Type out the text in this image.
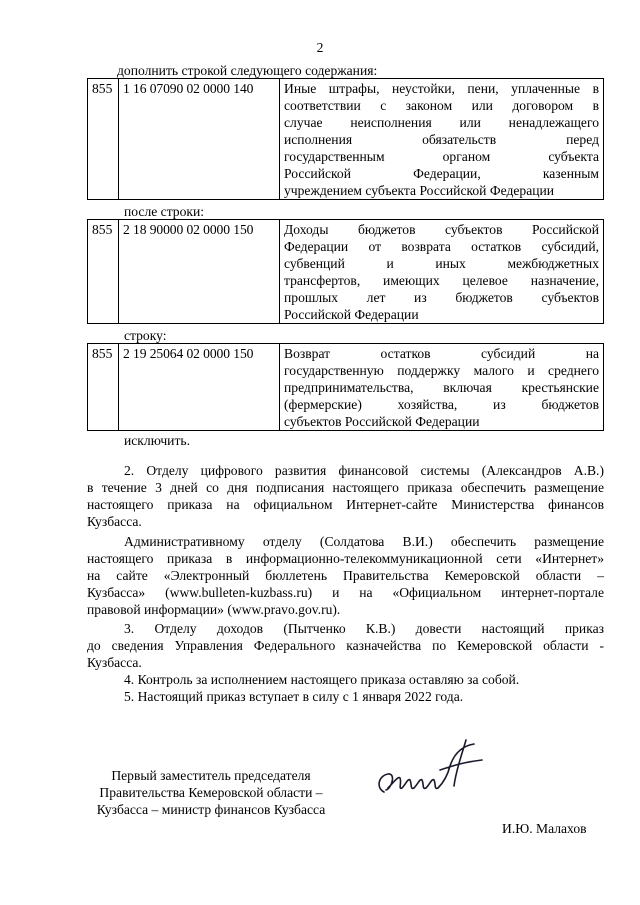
2
дополнить строкой следующего содержания:
855	1 16 07090 02 0000 140	Иные штрафы, неустойки, пени, уплаченные в
соответствии с законом или договором в
случае неисполнения или ненадлежащего
исполнения обязательств перед
государственным органом субъекта
Российской Федерации, казенным
учреждением субъекта Российской Федерации
после строки:
855	2 18 90000 02 0000 150	Доходы бюджетов субъектов Российской
Федерации от возврата остатков субсидий,
субвенций и иных межбюджетных
трансфертов, имеющих целевое назначение,
прошлых лет из бюджетов субъектов
Российской Федерации
строку:
855	2 19 25064 02 0000 150	Возврат остатков субсидий на
государственную поддержку малого и среднего
предпринимательства, включая крестьянские
(фермерские) хозяйства, из бюджетов
субъектов Российской Федерации
исключить.
2. Отделу цифрового развития финансовой системы (Александров А.В.)
в течение 3 дней со дня подписания настоящего приказа обеспечить размещение
настоящего приказа на официальном Интернет-сайте Министерства финансов
Кузбасса.
Административному отделу (Солдатова В.И.) обеспечить размещение
настоящего приказа в информационно-телекоммуникационной сети «Интернет»
на сайте «Электронный бюллетень Правительства Кемеровской области –
Кузбасса» (www.bulleten-kuzbass.ru) и на «Официальном интернет-портале
правовой информации» (www.pravo.gov.ru).
3. Отделу доходов (Пытченко К.В.) довести настоящий приказ
до сведения Управления Федерального казначейства по Кемеровской области -
Кузбасса.
4. Контроль за исполнением настоящего приказа оставляю за собой.
5. Настоящий приказ вступает в силу с 1 января 2022 года.
Первый заместитель председателя
Правительства Кемеровской области –
Кузбасса – министр финансов Кузбасса
И.Ю. Малахов
